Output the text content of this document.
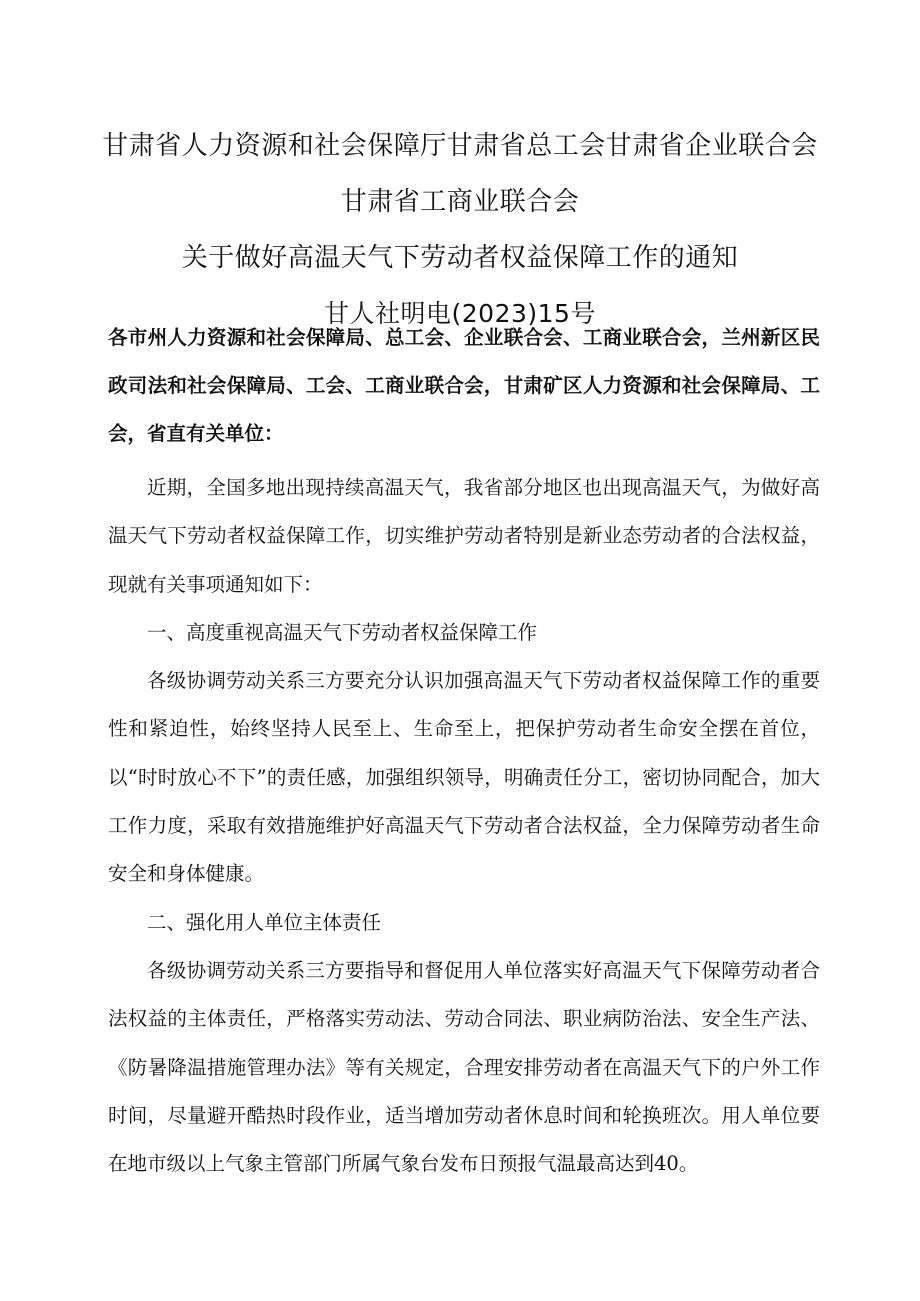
甘肃省人力资源和社会保障厅甘肃省总工会甘肃省企业联合会
甘肃省工商业联合会
关于做好高温天气下劳动者权益保障工作的通知
甘人社明电(2023)15号

各市州人力资源和社会保障局、总工会、企业联合会、工商业联合会，兰州新区民政司法和社会保障局、工会、工商业联合会，甘肃矿区人力资源和社会保障局、工会，省直有关单位：

近期，全国多地出现持续高温天气，我省部分地区也出现高温天气，为做好高温天气下劳动者权益保障工作，切实维护劳动者特别是新业态劳动者的合法权益，现就有关事项通知如下：

一、高度重视高温天气下劳动者权益保障工作

各级协调劳动关系三方要充分认识加强高温天气下劳动者权益保障工作的重要性和紧迫性，始终坚持人民至上、生命至上，把保护劳动者生命安全摆在首位，以“时时放心不下”的责任感，加强组织领导，明确责任分工，密切协同配合，加大工作力度，采取有效措施维护好高温天气下劳动者合法权益，全力保障劳动者生命安全和身体健康。

二、强化用人单位主体责任

各级协调劳动关系三方要指导和督促用人单位落实好高温天气下保障劳动者合法权益的主体责任，严格落实劳动法、劳动合同法、职业病防治法、安全生产法、《防暑降温措施管理办法》等有关规定，合理安排劳动者在高温天气下的户外工作时间，尽量避开酷热时段作业，适当增加劳动者休息时间和轮换班次。用人单位要在地市级以上气象主管部门所属气象台发布日预报气温最高达到40。
